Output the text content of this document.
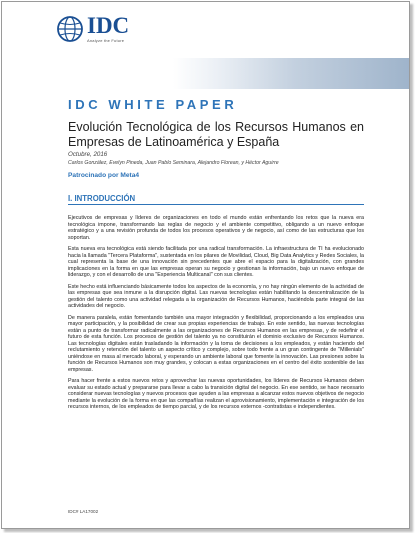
IDC
Analyze the Future
IDC WHITE PAPER
Evolución Tecnológica de los Recursos Humanos en Empresas de Latinoamérica y España
Octubre, 2016
Carlos González, Evelyn Pineda, Juan Pablo Seminara, Alejandro Florean, y Héctor Aguirre
Patrocinado por Meta4
I. INTRODUCCIÓN

Ejecutivos de empresas y líderes de organizaciones en todo el mundo están enfrentando los retos que la nueva era tecnológica impone, transformando las reglas de negocio y el ambiente competitivo, obligando a un nuevo enfoque estratégico y a una revisión profunda de todos los procesos operativos y de negocio, así como de las estructuras que los soportan.

Esta nueva era tecnológica está siendo facilitada por una radical transformación. La infraestructura de TI ha evolucionado hacia la llamada "Tercera Plataforma", sustentada en los pilares de Movilidad, Cloud, Big Data Analytics y Redes Sociales, la cual representa la base de una innovación sin precedentes que abre el espacio para la digitalización, con grandes implicaciones en la forma en que las empresas operan su negocio y gestionan la información, bajo un nuevo enfoque de liderazgo, y con el desarrollo de una "Experiencia Multicanal" con sus clientes.

Este hecho está influenciando básicamente todos los aspectos de la economía, y no hay ningún elemento de la actividad de las empresas que sea inmune a la disrupción digital. Las nuevas tecnologías están habilitando la descentralización de la gestión del talento como una actividad relegada a la organización de Recursos Humanos, haciéndola parte integral de las actividades del negocio.

De manera paralela, están fomentando también una mayor integración y flexibilidad, proporcionando a los empleados una mayor participación, y la posibilidad de crear sus propias experiencias de trabajo. En este sentido, las nuevas tecnologías están a punto de transformar radicalmente a las organizaciones de Recursos Humanos en las empresas, y de redefinir el futuro de esta función. Los procesos de gestión del talento ya no constituirán el dominio exclusivo de Recursos Humanos. Las tecnologías digitales están trasladando la información y la toma de decisiones a los empleados, y están haciendo del reclutamiento y retención del talento un aspecto crítico y complejo, sobre todo frente a un gran contingente de "Millenials" uniéndose en masa al mercado laboral, y esperando un ambiente laboral que fomente la innovación. Las presiones sobre la función de Recursos Humanos son muy grandes, y colocan a estas organizaciones en el centro del éxito sostenible de las empresas.

Para hacer frente a estos nuevos retos y aprovechar las nuevas oportunidades, los líderes de Recursos Humanos deben evaluar su estado actual y prepararse para llevar a cabo la transición digital del negocio. En ese sentido, se hace necesario considerar nuevas tecnologías y nuevos procesos que ayuden a las empresas a alcanzar estos nuevos objetivos de negocio mediante la evolución de la forma en que las compañías realizan el aprovisionamiento, implementación e integración de los recursos internos, de los empleados de tiempo parcial, y de los recursos externos -contratistas e independientes.

IDC# LA17002
